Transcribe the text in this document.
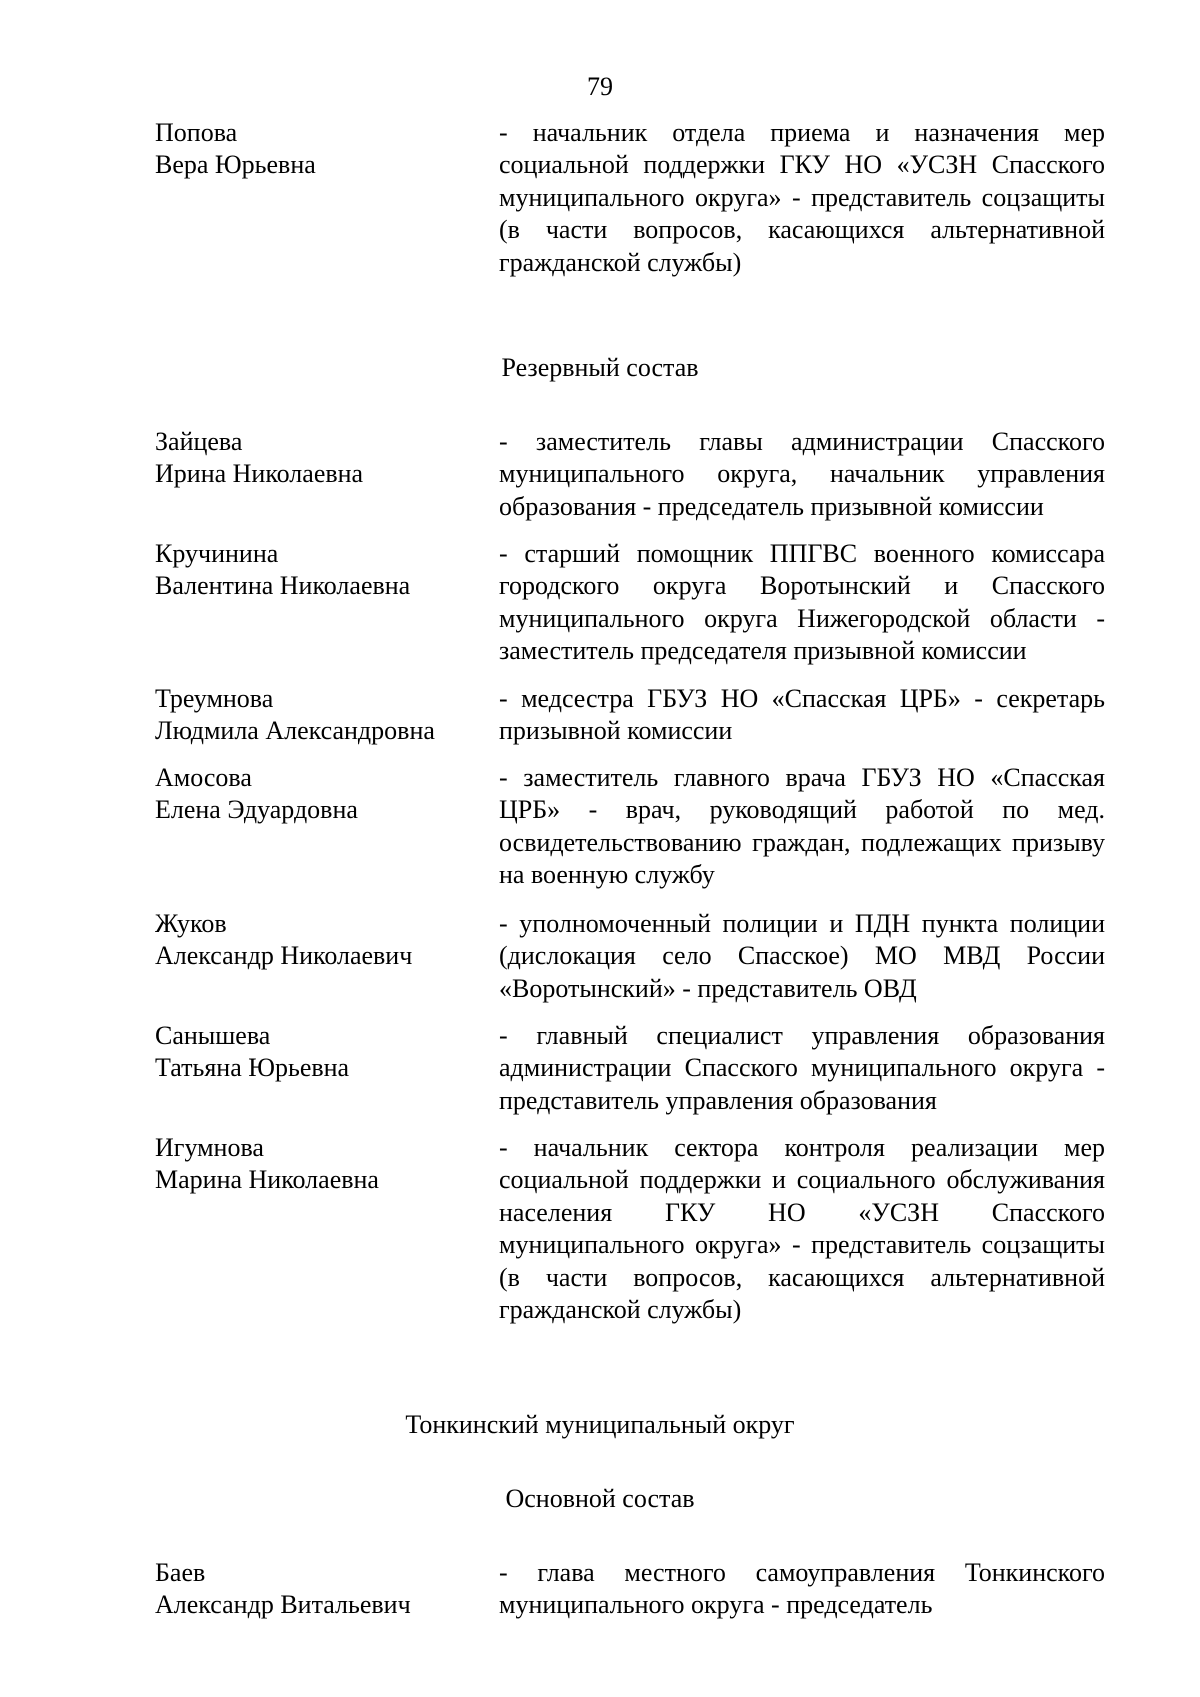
79
Попова
Вера Юрьевна
- начальник отдела приема и назначения мер социальной поддержки ГКУ НО «УСЗН Спасского муниципального округа» - представитель соцзащиты (в части вопросов, касающихся альтернативной гражданской службы)
Резервный состав
Зайцева
Ирина Николаевна
- заместитель главы администрации Спасского муниципального округа, начальник управления образования - председатель призывной комиссии
Кручинина
Валентина Николаевна
- старший помощник ППГВС военного комиссара городского округа Воротынский и Спасского муниципального округа Нижегородской области - заместитель председателя призывной комиссии
Треумнова
Людмила Александровна
- медсестра ГБУЗ НО «Спасская ЦРБ» - секретарь призывной комиссии
Амосова
Елена Эдуардовна
- заместитель главного врача ГБУЗ НО «Спасская ЦРБ» - врач, руководящий работой по мед. освидетельствованию граждан, подлежащих призыву на военную службу
Жуков
Александр Николаевич
- уполномоченный полиции и ПДН пункта полиции (дислокация село Спасское) МО МВД России «Воротынский» - представитель ОВД
Санышева
Татьяна Юрьевна
- главный специалист управления образования администрации Спасского муниципального округа - представитель управления образования
Игумнова
Марина Николаевна
- начальник сектора контроля реализации мер социальной поддержки и социального обслуживания населения ГКУ НО «УСЗН Спасского муниципального округа» - представитель соцзащиты (в части вопросов, касающихся альтернативной гражданской службы)
Тонкинский муниципальный округ
Основной состав
Баев
Александр Витальевич
- глава местного самоуправления Тонкинского муниципального округа - председатель
